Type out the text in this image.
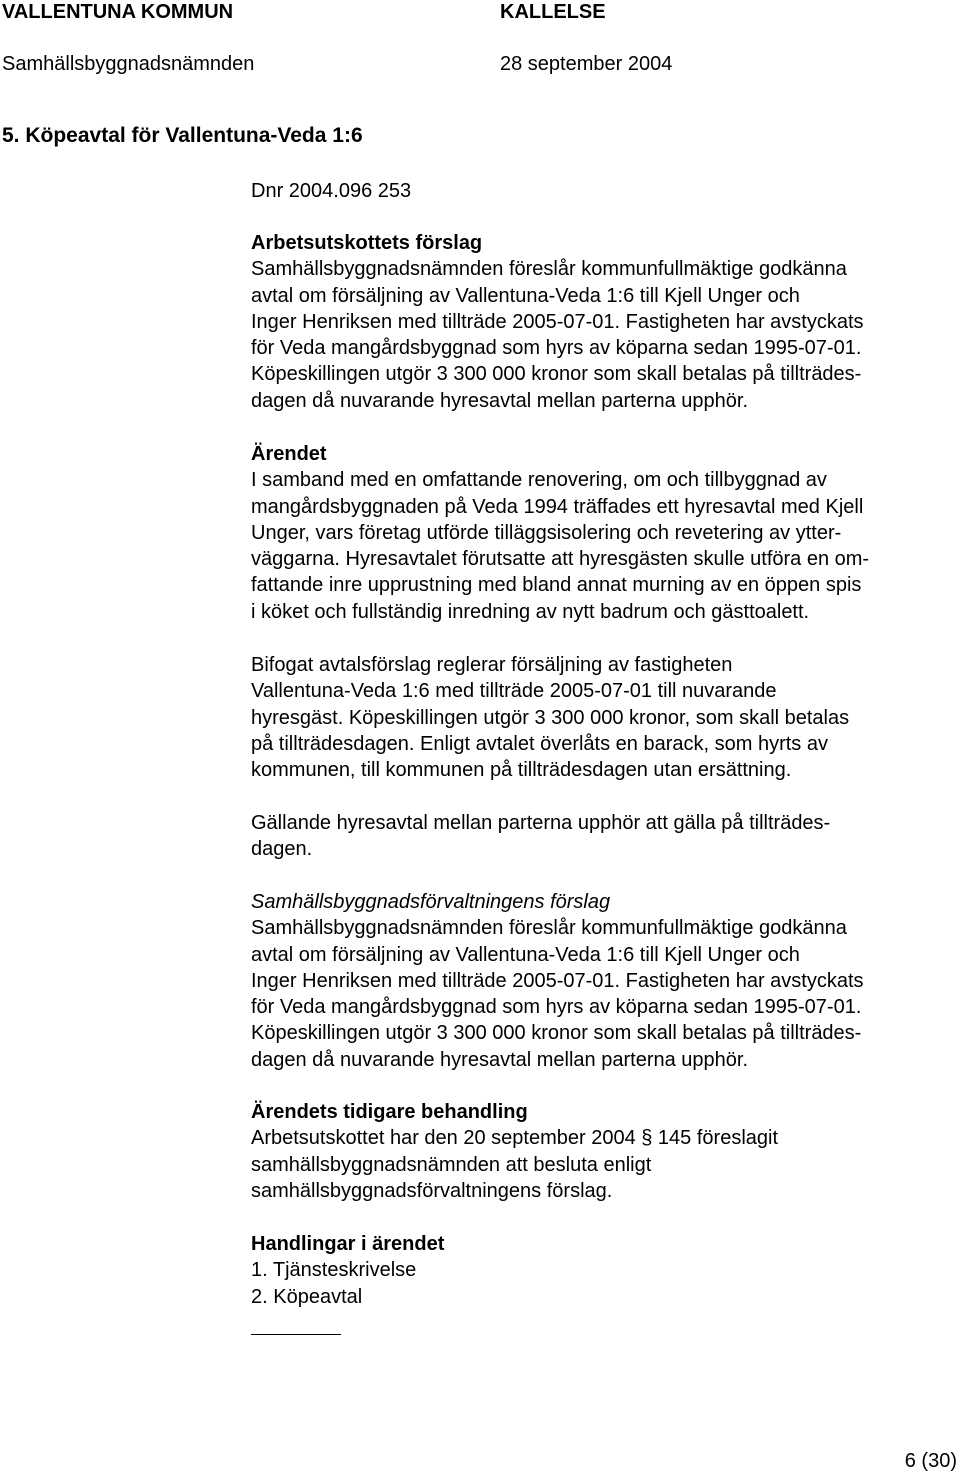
VALLENTUNA KOMMUN	KALLELSE
Samhällsbyggnadsnämnden	28 september 2004
5. Köpeavtal för Vallentuna-Veda 1:6

Dnr 2004.096 253

Arbetsutskottets förslag

Samhällsbyggnadsnämnden föreslår kommunfullmäktige godkänna

avtal om försäljning av Vallentuna-Veda 1:6 till Kjell Unger och

Inger Henriksen med tillträde 2005-07-01. Fastigheten har avstyckats

för Veda mangårdsbyggnad som hyrs av köparna sedan 1995-07-01.

Köpeskillingen utgör 3 300 000 kronor som skall betalas på tillträdes-

dagen då nuvarande hyresavtal mellan parterna upphör.

Ärendet

I samband med en omfattande renovering, om och tillbyggnad av

mangårdsbyggnaden på Veda 1994 träffades ett hyresavtal med Kjell

Unger, vars företag utförde tilläggsisolering och revetering av ytter-

väggarna. Hyresavtalet förutsatte att hyresgästen skulle utföra en om-

fattande inre upprustning med bland annat murning av en öppen spis

i köket och fullständig inredning av nytt badrum och gästtoalett.

Bifogat avtalsförslag reglerar försäljning av fastigheten

Vallentuna-Veda 1:6 med tillträde 2005-07-01 till nuvarande

hyresgäst. Köpeskillingen utgör 3 300 000 kronor, som skall betalas

på tillträdesdagen. Enligt avtalet överlåts en barack, som hyrts av

kommunen, till kommunen på tillträdesdagen utan ersättning.

Gällande hyresavtal mellan parterna upphör att gälla på tillträdes-

dagen.

Samhällsbyggnadsförvaltningens förslag

Samhällsbyggnadsnämnden föreslår kommunfullmäktige godkänna

avtal om försäljning av Vallentuna-Veda 1:6 till Kjell Unger och

Inger Henriksen med tillträde 2005-07-01. Fastigheten har avstyckats

för Veda mangårdsbyggnad som hyrs av köparna sedan 1995-07-01.

Köpeskillingen utgör 3 300 000 kronor som skall betalas på tillträdes-

dagen då nuvarande hyresavtal mellan parterna upphör.

Ärendets tidigare behandling

Arbetsutskottet har den 20 september 2004 § 145 föreslagit

samhällsbyggnadsnämnden att besluta enligt

samhällsbyggnadsförvaltningens förslag.

Handlingar i ärendet

1. Tjänsteskrivelse
2. Köpeavtal
6 (30)
